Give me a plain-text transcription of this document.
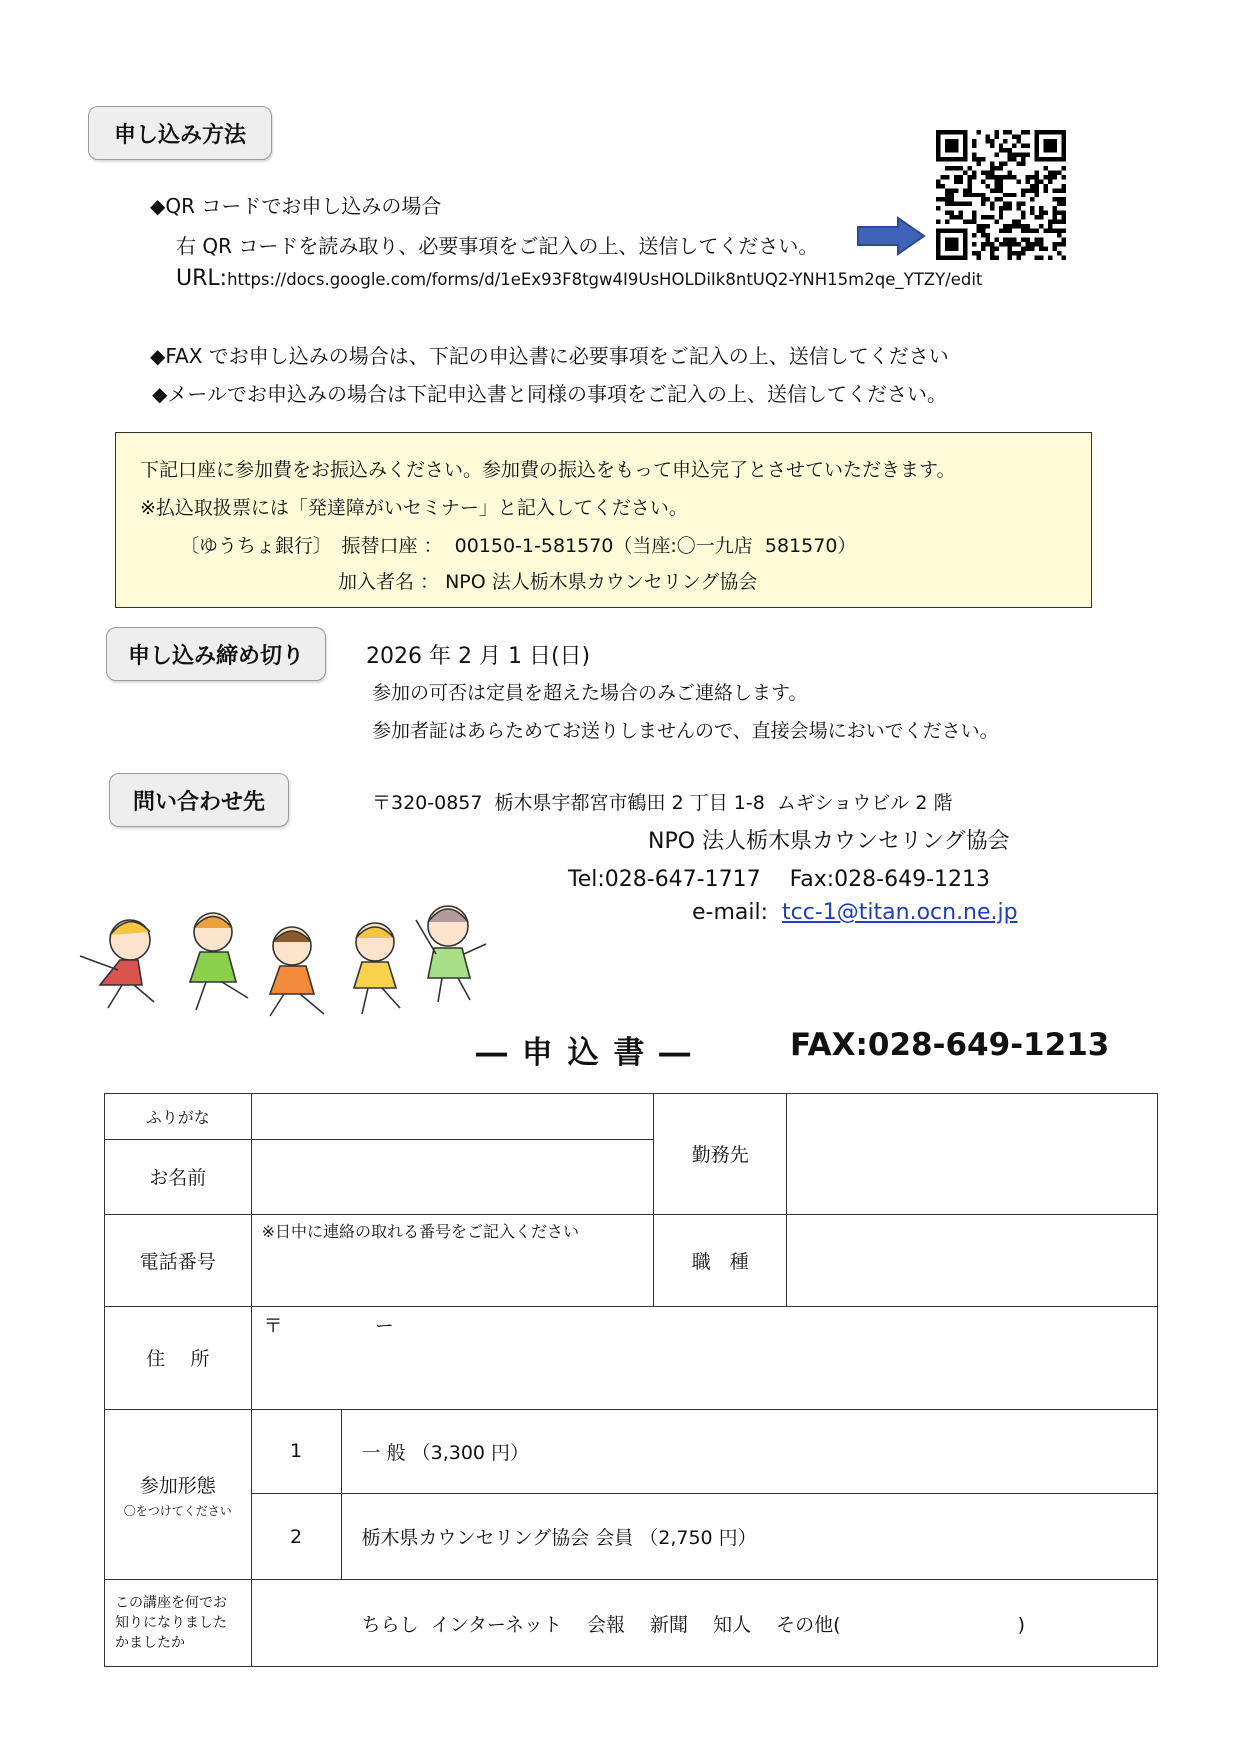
申し込み方法
◆QR コードでお申し込みの場合
右 QR コードを読み取り、必要事項をご記入の上、送信してください。
URL:https://docs.google.com/forms/d/1eEx93F8tgw4I9UsHOLDiIk8ntUQ2-YNH15m2qe_YTZY/edit
◆FAX でお申し込みの場合は、下記の申込書に必要事項をご記入の上、送信してください
◆メールでお申込みの場合は下記申込書と同様の事項をご記入の上、送信してください。
下記口座に参加費をお振込みください。参加費の振込をもって申込完了とさせていただきます。
※払込取扱票には「発達障がいセミナー」と記入してください。
〔ゆうちょ銀行〕　振替口座 ：  00150-1-581570（当座:〇一九店  581570）
加入者名 ： NPO 法人栃木県カウンセリング協会
申し込み締め切り	2026 年 2 月 1 日(日)
参加の可否は定員を超えた場合のみご連絡します。
参加者証はあらためてお送りしませんので、直接会場においでください。
問い合わせ先	〒320-0857  栃木県宇都宮市鶴田 2 丁目 1-8  ムギショウビル 2 階
NPO 法人栃木県カウンセリング協会
Tel:028-647-1717　 Fax:028-649-1213
e-mail: tcc-1@titan.ocn.ne.jp
― 申 込 書 ―	FAX:028-649-1213
ふりがな			勤務先	
お名前				
電話番号	※日中に連絡の取れる番号をご記入ください		職　種	
住　 所	〒 ー			

参加形態
〇をつけてください	1	一 般 （3,300 円）		
	2	栃木県カウンセリング協会 会員 （2,750 円）		
この講座を何でお知りになりましたかましたか	ちらし  インターネット　 会報　 新聞　 知人　 その他(　　　　　　　　　 )			
